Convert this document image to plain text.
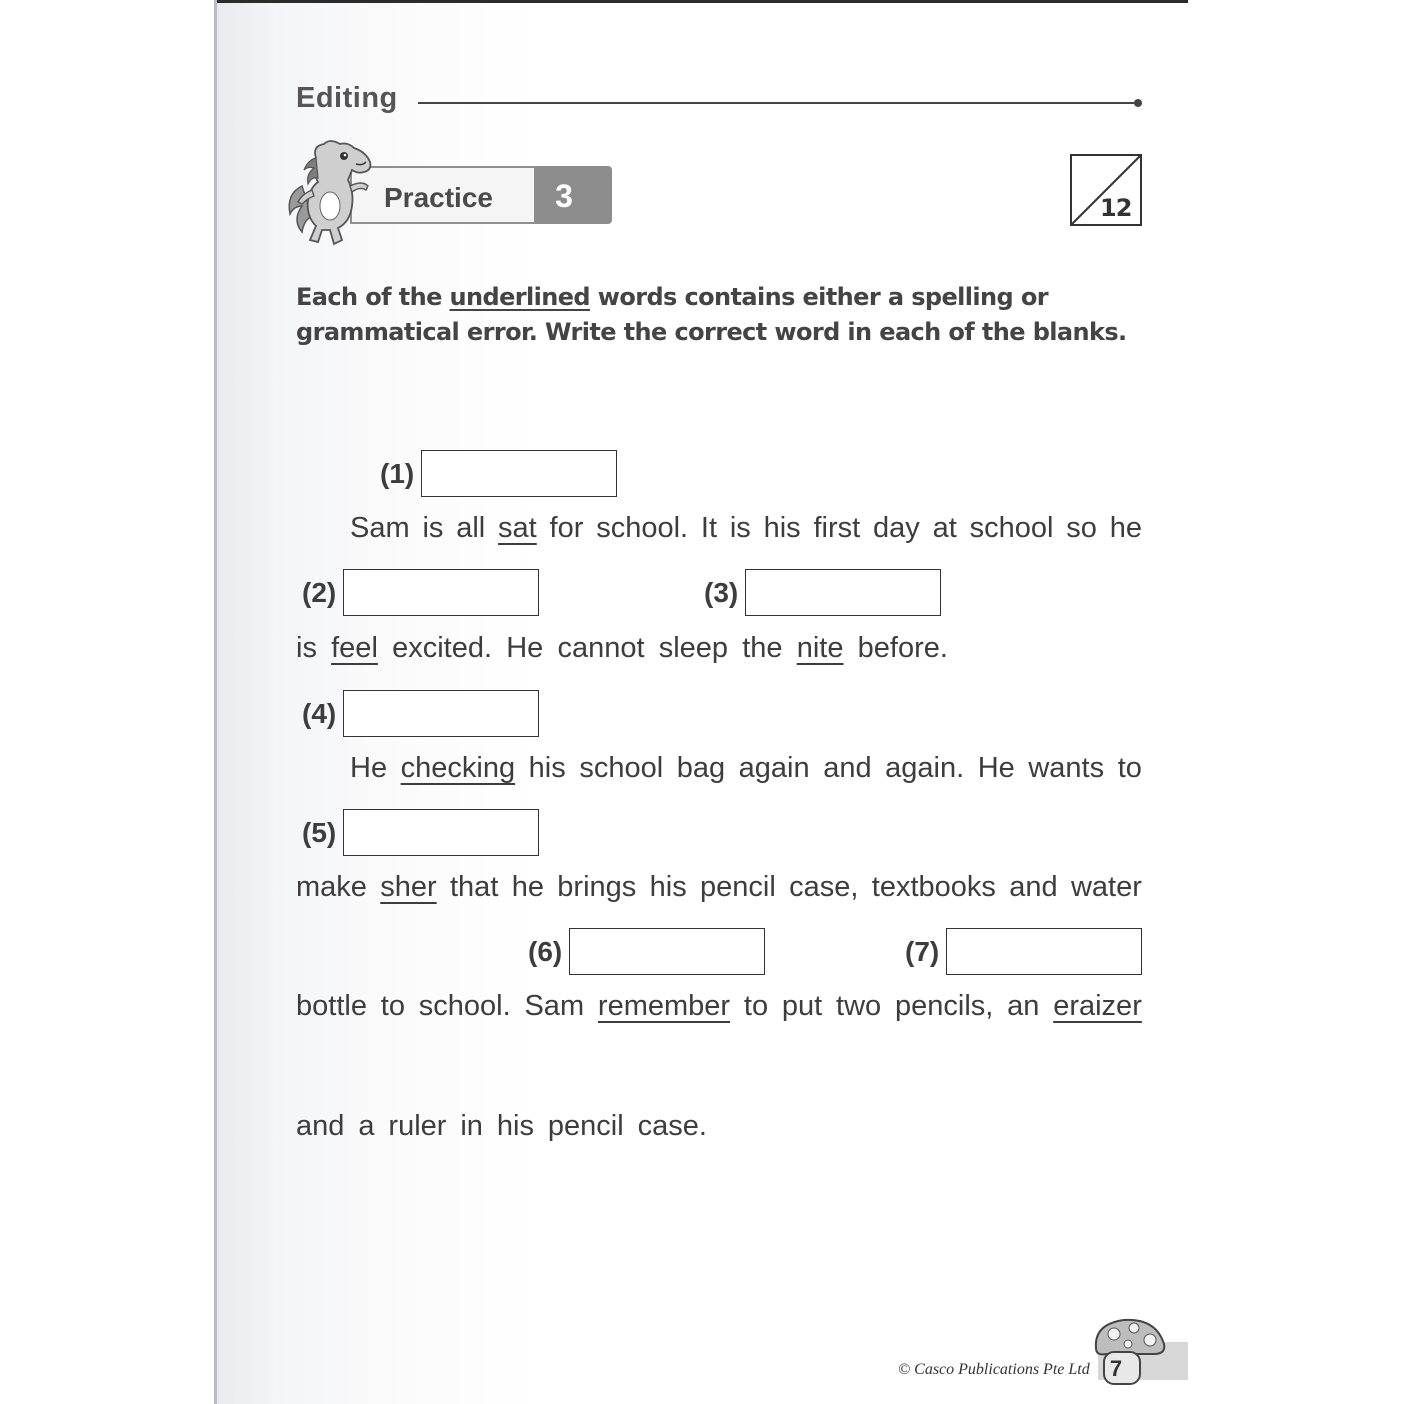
Editing
Practice	3	12
Each of the underlined words contains either a spelling or grammatical error. Write the correct word in each of the blanks.
(1)
Sam is all sat for school. It is his first day at school so he
(2)	(3)
is feel excited. He cannot sleep the nite before.
(4)
He checking his school bag again and again. He wants to
(5)
make sher that he brings his pencil case, textbooks and water
(6)	(7)
bottle to school. Sam remember to put two pencils, an eraizer
and a ruler in his pencil case.
© Casco Publications Pte Ltd 7
